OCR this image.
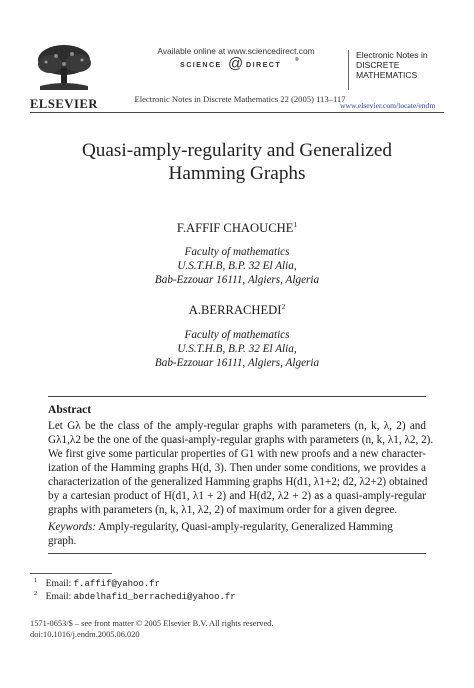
ELSEVIER
Available online at www.sciencedirect.com
SCIENCE @ DIRECT	®
Electronic Notes in Discrete Mathematics 22 (2005) 113–117
Electronic Notes in
DISCRETE
MATHEMATICS
www.elsevier.com/locate/endm
Quasi-amply-regularity and Generalized
Hamming Graphs
F.AFFIF CHAOUCHE$^1$
Faculty of mathematics
U.S.T.H.B, B.P. 32 El Alia,
Bab-Ezzouar 16111, Algiers, Algeria
A.BERRACHEDI$^2$
Faculty of mathematics
U.S.T.H.B, B.P. 32 El Alia,
Bab-Ezzouar 16111, Algiers, Algeria
Abstract
Let Gλ be the class of the amply-regular graphs with parameters (n, k, λ, 2) and
Gλ1,λ2 be the one of the quasi-amply-regular graphs with parameters (n, k, λ1, λ2, 2).
We first give some particular properties of G1 with new proofs and a new character-
ization of the Hamming graphs H(d, 3). Then under some conditions, we provides a
characterization of the generalized Hamming graphs H(d1, λ1+2; d2, λ2+2) obtained
by a cartesian product of H(d1, λ1 + 2) and H(d2, λ2 + 2) as a quasi-amply-regular
graphs with parameters (n, k, λ1, λ2, 2) of maximum order for a given degree.
Keywords: Amply-regularity, Quasi-amply-regularity, Generalized Hamming
graph.
$^1$ Email: f.affif@yahoo.fr
$^2$ Email: abdelhafid_berrachedi@yahoo.fr
1571-0653/$ – see front matter © 2005 Elsevier B.V. All rights reserved.
doi:10.1016/j.endm.2005.06.020
